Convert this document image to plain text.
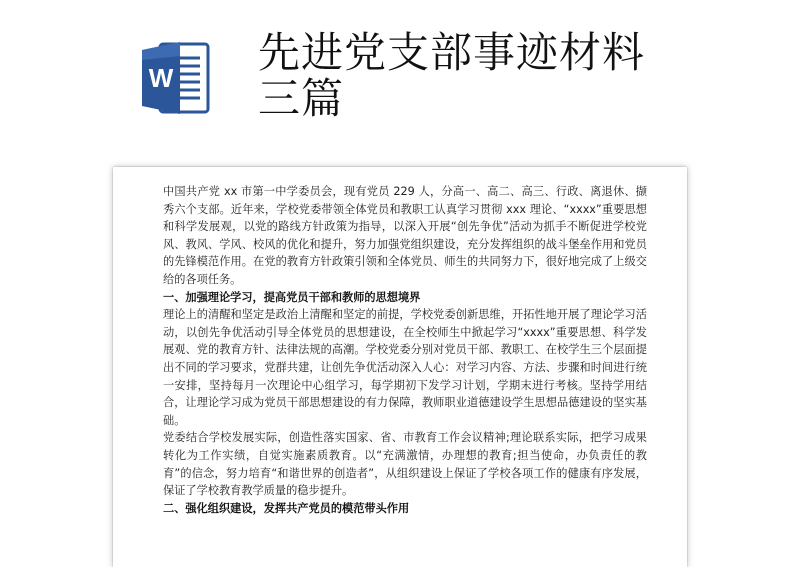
W
先进党支部事迹材料
三篇

中国共产党 xx 市第一中学委员会，现有党员 229 人，分高一、高二、高三、行政、离退休、撷秀六个支部。近年来，学校党委带领全体党员和教职工认真学习贯彻 xxx 理论、“xxxx”重要思想和科学发展观，以党的路线方针政策为指导，以深入开展“创先争优”活动为抓手不断促进学校党风、教风、学风、校风的优化和提升，努力加强党组织建设，充分发挥组织的战斗堡垒作用和党员的先锋模范作用。在党的教育方针政策引领和全体党员、师生的共同努力下，很好地完成了上级交给的各项任务。

一、加强理论学习，提高党员干部和教师的思想境界

理论上的清醒和坚定是政治上清醒和坚定的前提，学校党委创新思维，开拓性地开展了理论学习活动，以创先争优活动引导全体党员的思想建设，在全校师生中掀起学习“xxxx”重要思想、科学发展观、党的教育方针、法律法规的高潮。学校党委分别对党员干部、教职工、在校学生三个层面提出不同的学习要求，党群共建，让创先争优活动深入人心：对学习内容、方法、步骤和时间进行统一安排，坚持每月一次理论中心组学习，每学期初下发学习计划，学期末进行考核。坚持学用结合，让理论学习成为党员干部思想建设的有力保障，教师职业道德建设学生思想品德建设的坚实基础。

党委结合学校发展实际，创造性落实国家、省、市教育工作会议精神;理论联系实际，把学习成果转化为工作实绩，自觉实施素质教育。以“充满激情，办理想的教育;担当使命，办负责任的教育”的信念，努力培育“和谐世界的创造者”，从组织建设上保证了学校各项工作的健康有序发展，保证了学校教育教学质量的稳步提升。

二、强化组织建设，发挥共产党员的模范带头作用
